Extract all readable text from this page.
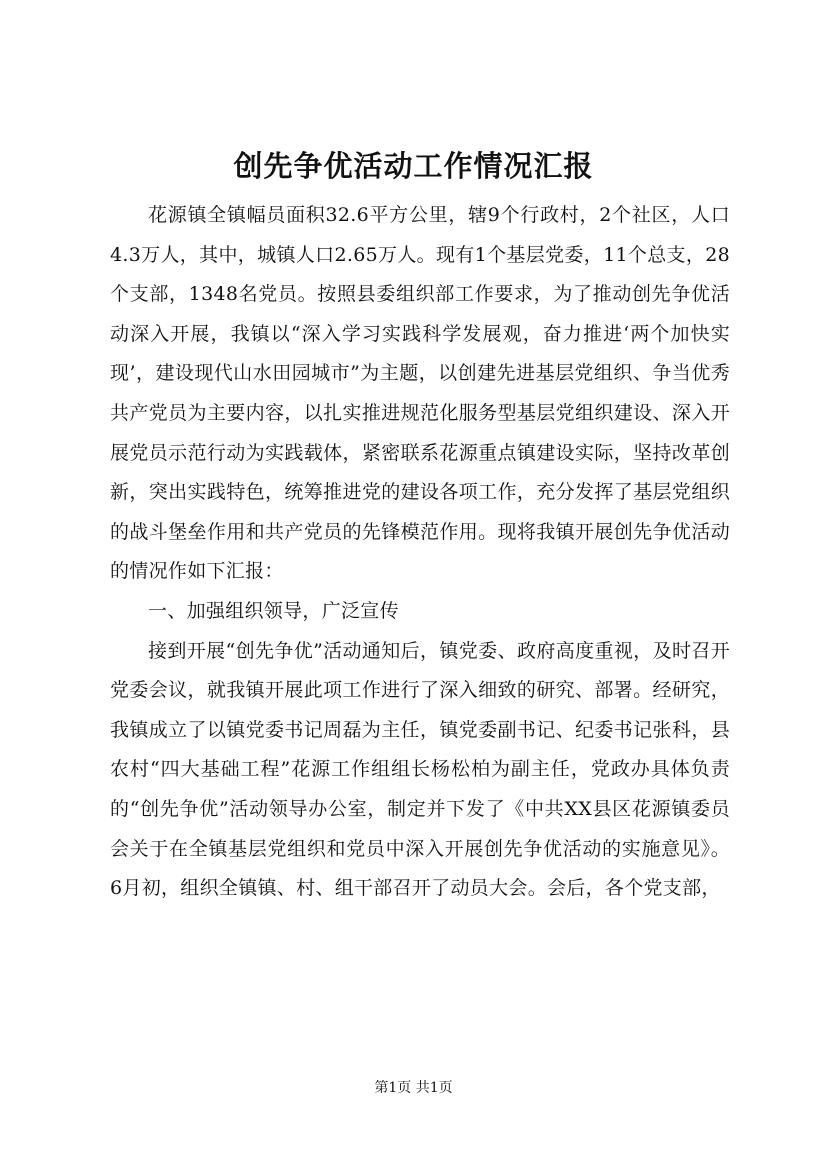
创先争优活动工作情况汇报

花源镇全镇幅员面积32.6平方公里，辖9个行政村，2个社区，人口4.3万人，其中，城镇人口2.65万人。现有1个基层党委，11个总支，28个支部，1348名党员。按照县委组织部工作要求，为了推动创先争优活动深入开展，我镇以“深入学习实践科学发展观，奋力推进‘两个加快实现’，建设现代山水田园城市”为主题，以创建先进基层党组织、争当优秀共产党员为主要内容，以扎实推进规范化服务型基层党组织建设、深入开展党员示范行动为实践载体，紧密联系花源重点镇建设实际，坚持改革创新，突出实践特色，统筹推进党的建设各项工作，充分发挥了基层党组织的战斗堡垒作用和共产党员的先锋模范作用。现将我镇开展创先争优活动的情况作如下汇报：

一、加强组织领导，广泛宣传

接到开展“创先争优”活动通知后，镇党委、政府高度重视，及时召开党委会议，就我镇开展此项工作进行了深入细致的研究、部署。经研究，我镇成立了以镇党委书记周磊为主任，镇党委副书记、纪委书记张科，县农村“四大基础工程”花源工作组组长杨松柏为副主任，党政办具体负责的“创先争优”活动领导办公室，制定并下发了《中共XX县区花源镇委员会关于在全镇基层党组织和党员中深入开展创先争优活动的实施意见》。6月初，组织全镇镇、村、组干部召开了动员大会。会后，各个党支部，

第1页 共1页
